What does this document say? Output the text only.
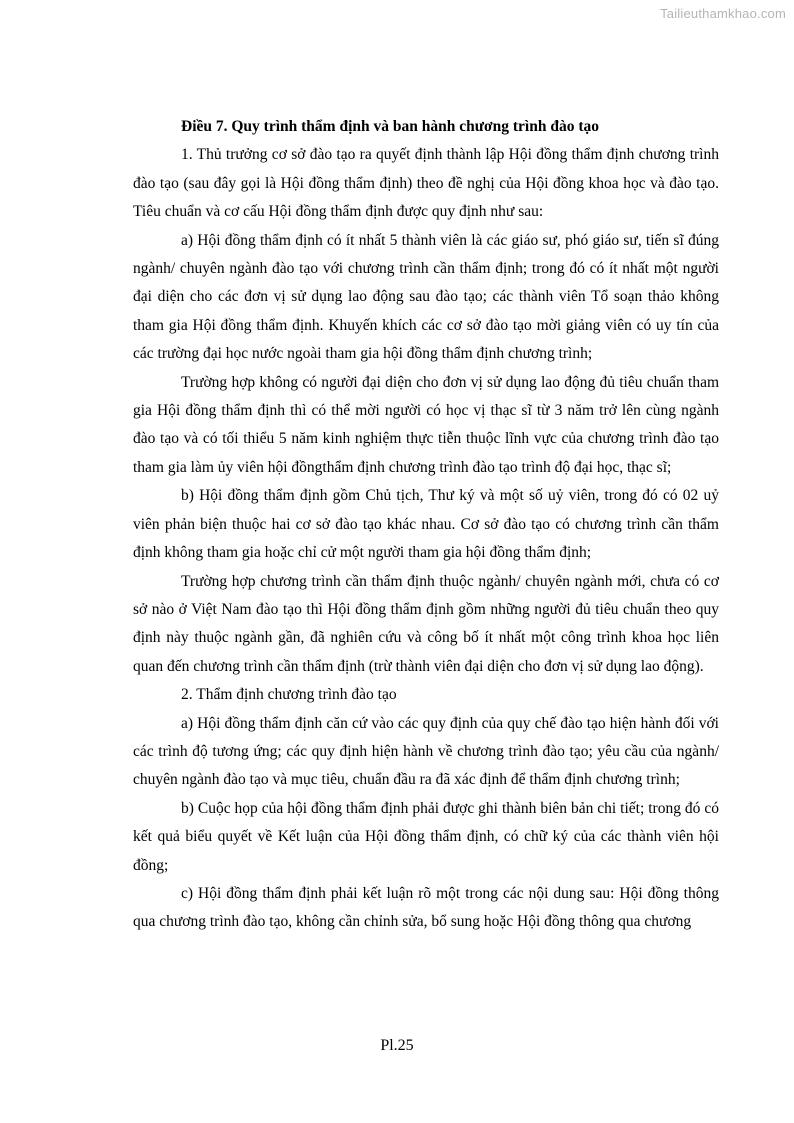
Tailieuthamkhao.com

Điều 7. Quy trình thẩm định và ban hành chương trình đào tạo

1. Thủ trưởng cơ sở đào tạo ra quyết định thành lập Hội đồng thẩm định chương trình đào tạo (sau đây gọi là Hội đồng thẩm định) theo đề nghị của Hội đồng khoa học và đào tạo. Tiêu chuẩn và cơ cấu Hội đồng thẩm định được quy định như sau:

a) Hội đồng thẩm định có ít nhất 5 thành viên là các giáo sư, phó giáo sư, tiến sĩ đúng ngành/ chuyên ngành đào tạo với chương trình cần thẩm định; trong đó có ít nhất một người đại diện cho các đơn vị sử dụng lao động sau đào tạo; các thành viên Tổ soạn thảo không tham gia Hội đồng thẩm định. Khuyến khích các cơ sở đào tạo mời giảng viên có uy tín của các trường đại học nước ngoài tham gia hội đồng thẩm định chương trình;

Trường hợp không có người đại diện cho đơn vị sử dụng lao động đủ tiêu chuẩn tham gia Hội đồng thẩm định thì có thể mời người có học vị thạc sĩ từ 3 năm trở lên cùng ngành đào tạo và có tối thiểu 5 năm kinh nghiệm thực tiễn thuộc lĩnh vực của chương trình đào tạo tham gia làm ủy viên hội đồngthẩm định chương trình đào tạo trình độ đại học, thạc sĩ;

b) Hội đồng thẩm định gồm Chủ tịch, Thư ký và một số uỷ viên, trong đó có 02 uỷ viên phản biện thuộc hai cơ sở đào tạo khác nhau. Cơ sở đào tạo có chương trình cần thẩm định không tham gia hoặc chỉ cử một người tham gia hội đồng thẩm định;

Trường hợp chương trình cần thẩm định thuộc ngành/ chuyên ngành mới, chưa có cơ sở nào ở Việt Nam đào tạo thì Hội đồng thẩm định gồm những người đủ tiêu chuẩn theo quy định này thuộc ngành gần, đã nghiên cứu và công bố ít nhất một công trình khoa học liên quan đến chương trình cần thẩm định (trừ thành viên đại diện cho đơn vị sử dụng lao động).

2. Thẩm định chương trình đào tạo

a) Hội đồng thẩm định căn cứ vào các quy định của quy chế đào tạo hiện hành đối với các trình độ tương ứng; các quy định hiện hành về chương trình đào tạo; yêu cầu của ngành/ chuyên ngành đào tạo và mục tiêu, chuẩn đầu ra đã xác định để thẩm định chương trình;

b) Cuộc họp của hội đồng thẩm định phải được ghi thành biên bản chi tiết; trong đó có kết quả biểu quyết về Kết luận của Hội đồng thẩm định, có chữ ký của các thành viên hội đồng;

c) Hội đồng thẩm định phải kết luận rõ một trong các nội dung sau: Hội đồng thông qua chương trình đào tạo, không cần chỉnh sửa, bổ sung hoặc Hội đồng thông qua chương

Pl.25
